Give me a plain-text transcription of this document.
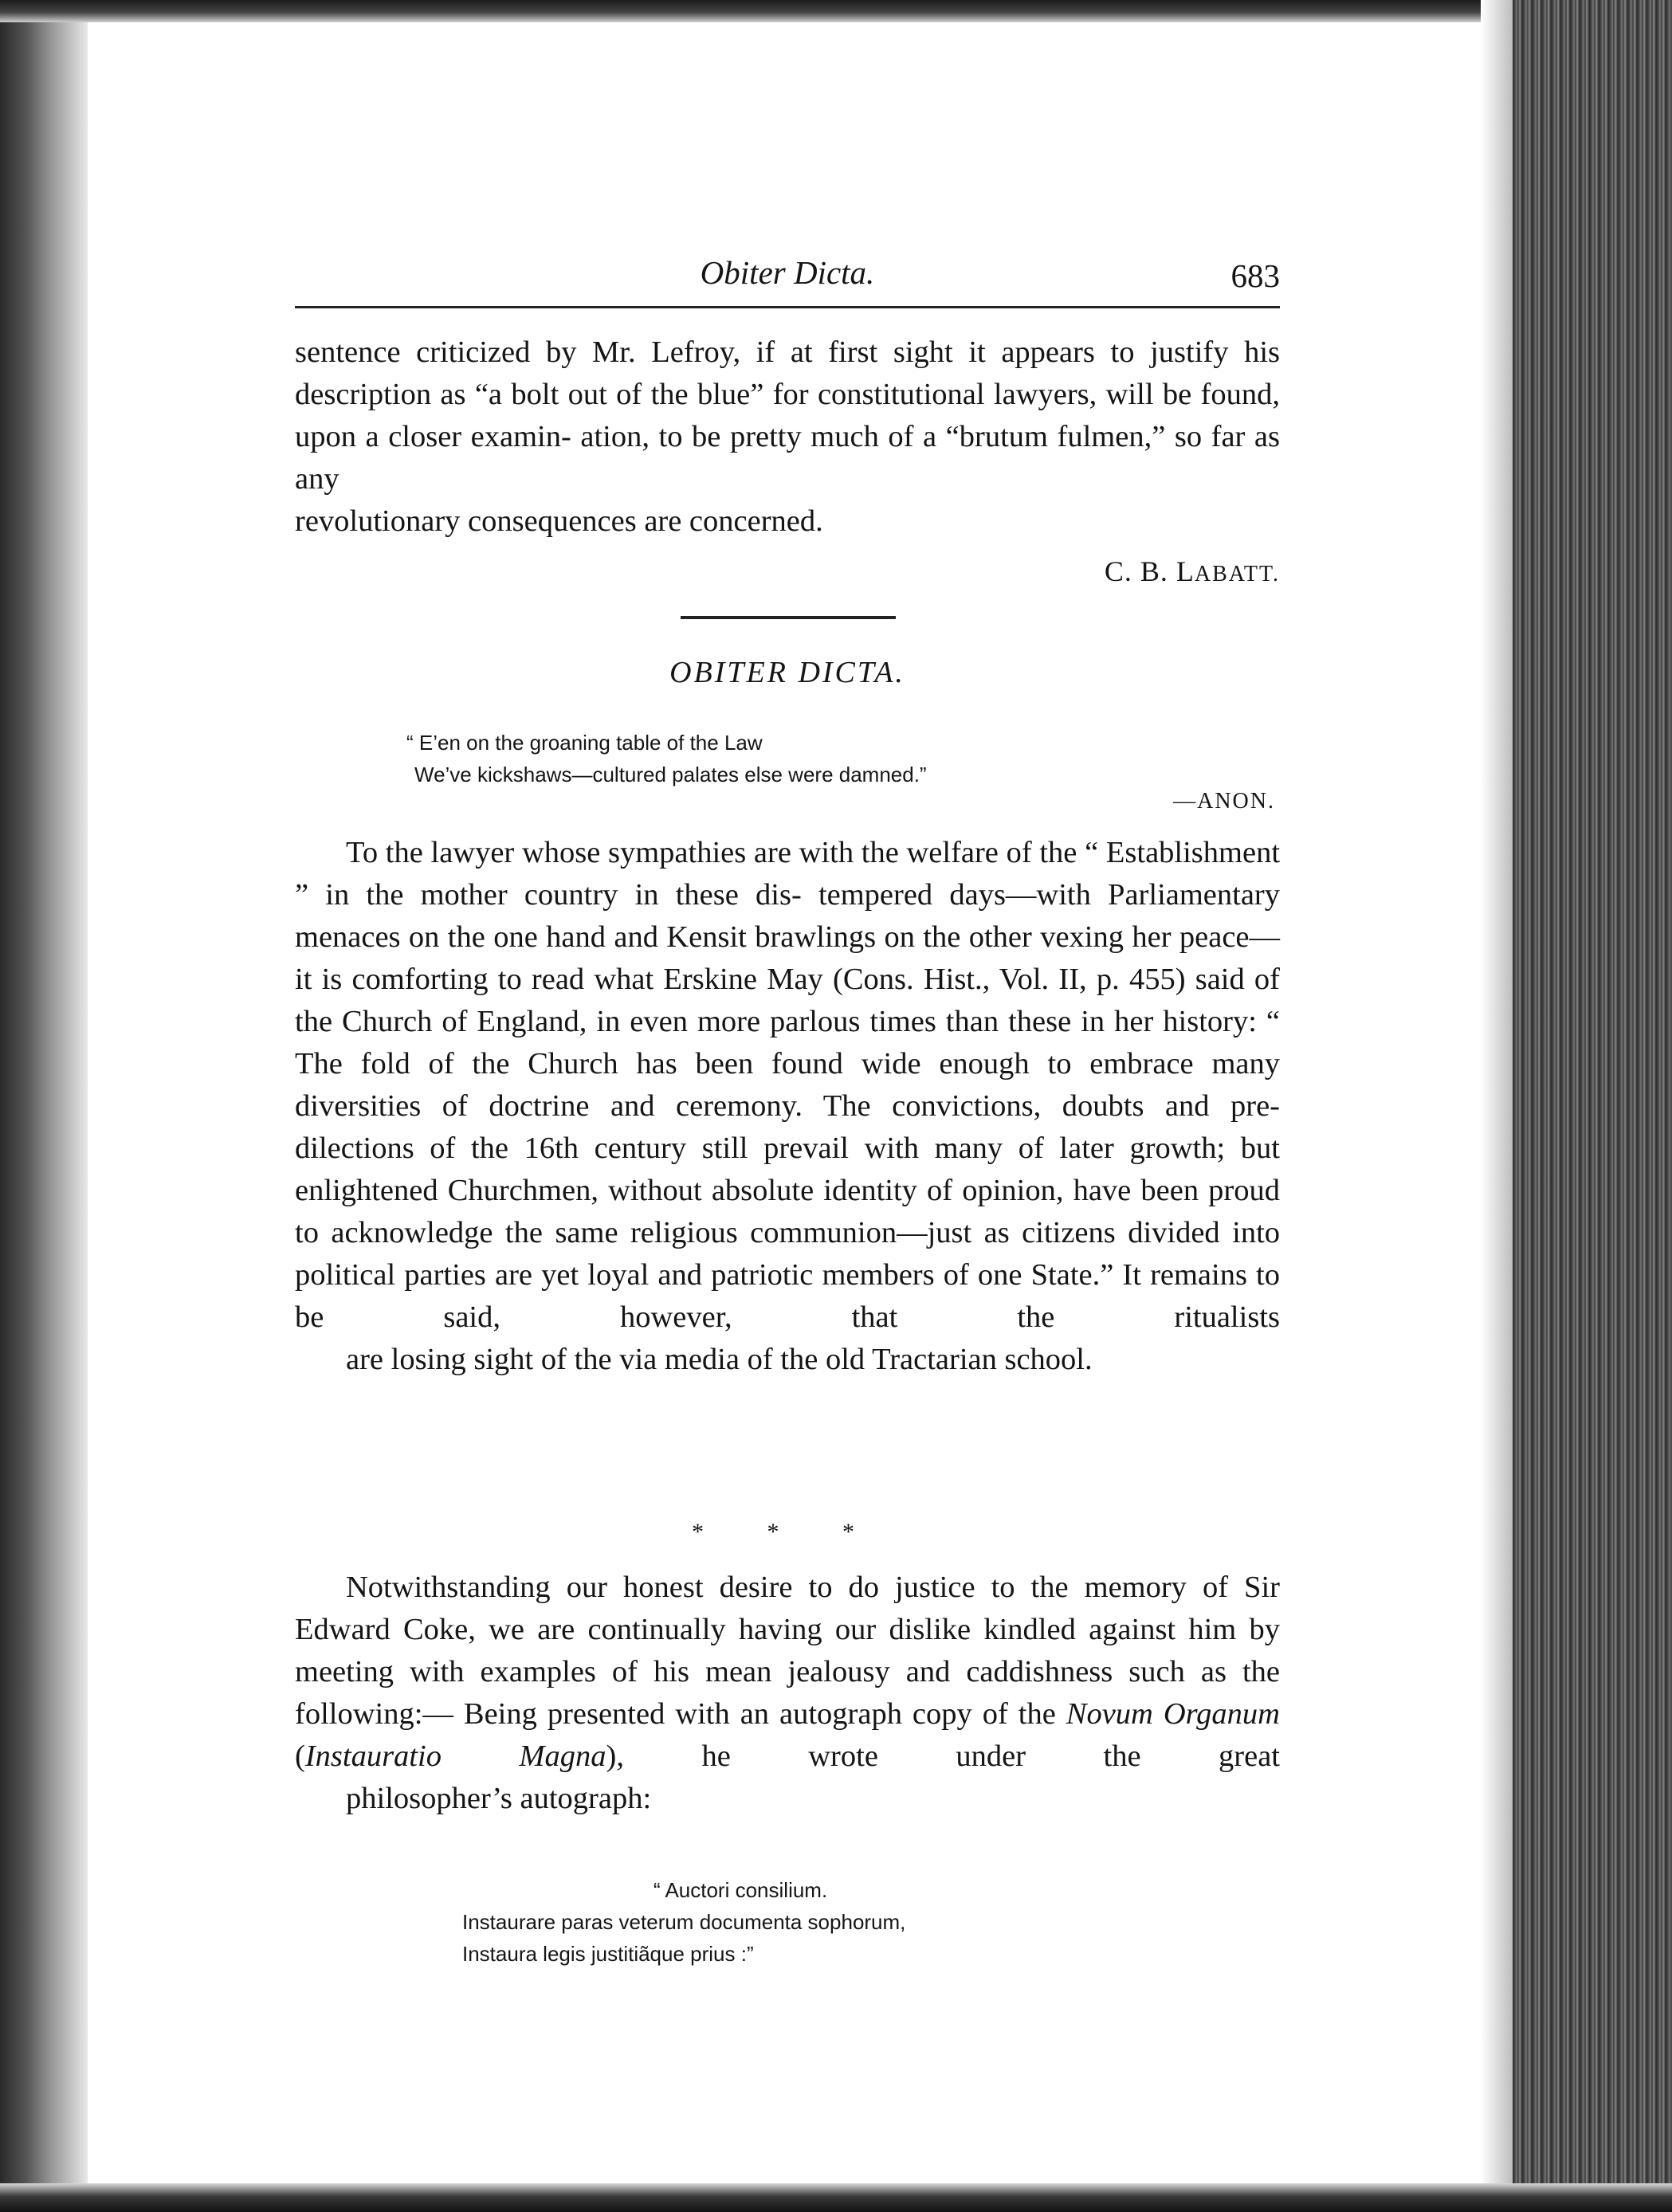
Obiter Dicta.	683

sentence criticized by Mr. Lefroy, if at first sight it appears to justify his description as “a bolt out of the blue” for constitutional lawyers, will be found, upon a closer examin- ation, to be pretty much of a “brutum fulmen,” so far as any
revolutionary consequences are concerned.

C. B. LABATT.
OBITER DICTA.
“ E’en on the groaning table of the Law
We’ve kickshaws—cultured palates else were damned.”
—ANON.

To the lawyer whose sympathies are with the welfare of the “ Establishment ” in the mother country in these dis- tempered days—with Parliamentary menaces on the one hand and Kensit brawlings on the other vexing her peace—it is comforting to read what Erskine May (Cons. Hist., Vol. II, p. 455) said of the Church of England, in even more parlous times than these in her history: “ The fold of the Church has been found wide enough to embrace many diversities of doctrine and ceremony. The convictions, doubts and pre- dilections of the 16th century still prevail with many of later growth; but enlightened Churchmen, without absolute identity of opinion, have been proud to acknowledge the same religious communion—just as citizens divided into political parties are yet loyal and patriotic members of one State.” It remains to be said, however, that the ritualists
are losing sight of the via media of the old Tractarian school.

* * *

Notwithstanding our honest desire to do justice to the memory of Sir Edward Coke, we are continually having our dislike kindled against him by meeting with examples of his mean jealousy and caddishness such as the following:— Being presented with an autograph copy of the Novum Organum (Instauratio Magna), he wrote under the great
philosopher’s autograph:

“ Auctori consilium.
Instaurare paras veterum documenta sophorum,
Instaura legis justitiãque prius :”
